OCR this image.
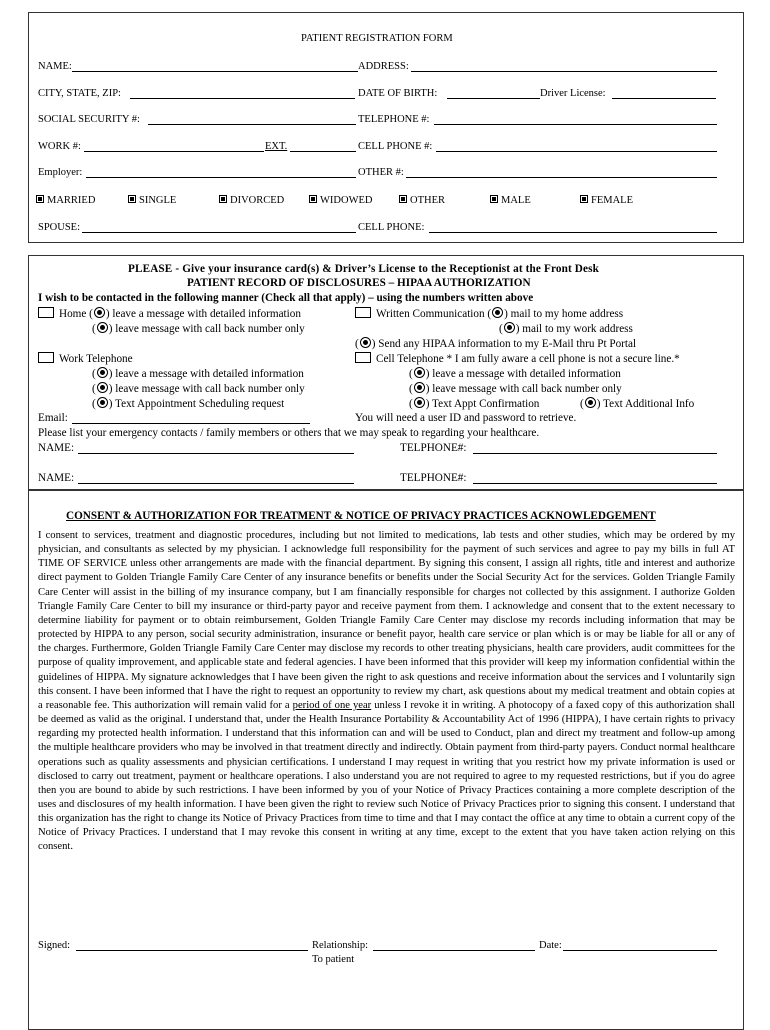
PATIENT REGISTRATION FORM
NAME:	ADDRESS:
CITY, STATE, ZIP:	DATE OF BIRTH:	Driver License:
SOCIAL SECURITY #:	TELEPHONE #:
WORK #:	EXT.	CELL PHONE #:
Employer:	OTHER #:
MARRIED	SINGLE	DIVORCED	WIDOWED	OTHER	MALE	FEMALE
SPOUSE:	CELL PHONE:
PLEASE - Give your insurance card(s) & Driver’s License to the Receptionist at the Front Desk
PATIENT RECORD OF DISCLOSURES – HIPAA AUTHORIZATION
I wish to be contacted in the following manner (Check all that apply) – using the numbers written above
Home ( ) leave a message with detailed information
( ) leave message with call back number only
Written Communication ( ) mail to my home address
( ) mail to my work address
( ) Send any HIPAA information to my E-Mail thru Pt Portal
Work Telephone
( ) leave a message with detailed information
( ) leave message with call back number only
( ) Text Appointment Scheduling request
Cell Telephone * I am fully aware a cell phone is not a secure line.*
( ) leave a message with detailed information
( ) leave message with call back number only
( ) Text Appt Confirmation	( ) Text Additional Info
Email:	You will need a user ID and password to retrieve.
Please list your emergency contacts / family members or others that we may speak to regarding your healthcare.
NAME:	TELPHONE#:
NAME:	TELPHONE#:
CONSENT & AUTHORIZATION FOR TREATMENT & NOTICE OF PRIVACY PRACTICES ACKNOWLEDGEMENT
I consent to services, treatment and diagnostic procedures, including but not limited to medications, lab tests and other studies, which may be ordered by my physician, and consultants as selected by my physician. I acknowledge full responsibility for the payment of such services and agree to pay my bills in full AT TIME OF SERVICE unless other arrangements are made with the financial department. By signing this consent, I assign all rights, title and interest and authorize direct payment to Golden Triangle Family Care Center of any insurance benefits or benefits under the Social Security Act for the services. Golden Triangle Family Care Center will assist in the billing of my insurance company, but I am financially responsible for charges not collected by this assignment. I authorize Golden Triangle Family Care Center to bill my insurance or third-party payor and receive payment from them. I acknowledge and consent that to the extent necessary to determine liability for payment or to obtain reimbursement, Golden Triangle Family Care Center may disclose my records including information that may be protected by HIPPA to any person, social security administration, insurance or benefit payor, health care service or plan which is or may be liable for all or any of the charges. Furthermore, Golden Triangle Family Care Center may disclose my records to other treating physicians, health care providers, audit committees for the purpose of quality improvement, and applicable state and federal agencies. I have been informed that this provider will keep my information confidential within the guidelines of HIPPA. My signature acknowledges that I have been given the right to ask questions and receive information about the services and I voluntarily sign this consent. I have been informed that I have the right to request an opportunity to review my chart, ask questions about my medical treatment and obtain copies at a reasonable fee. This authorization will remain valid for a period of one year unless I revoke it in writing. A photocopy of a faxed copy of this authorization shall be deemed as valid as the original. I understand that, under the Health Insurance Portability & Accountability Act of 1996 (HIPPA), I have certain rights to privacy regarding my protected health information. I understand that this information can and will be used to Conduct, plan and direct my treatment and follow-up among the multiple healthcare providers who may be involved in that treatment directly and indirectly. Obtain payment from third-party payers. Conduct normal healthcare operations such as quality assessments and physician certifications. I understand I may request in writing that you restrict how my private information is used or disclosed to carry out treatment, payment or healthcare operations. I also understand you are not required to agree to my requested restrictions, but if you do agree then you are bound to abide by such restrictions. I have been informed by you of your Notice of Privacy Practices containing a more complete description of the uses and disclosures of my health information. I have been given the right to review such Notice of Privacy Practices prior to signing this consent. I understand that this organization has the right to change its Notice of Privacy Practices from time to time and that I may contact the office at any time to obtain a current copy of the Notice of Privacy Practices. I understand that I may revoke this consent in writing at any time, except to the extent that you have taken action relying on this consent.
Signed:	Relationship:
To patient
Date:
